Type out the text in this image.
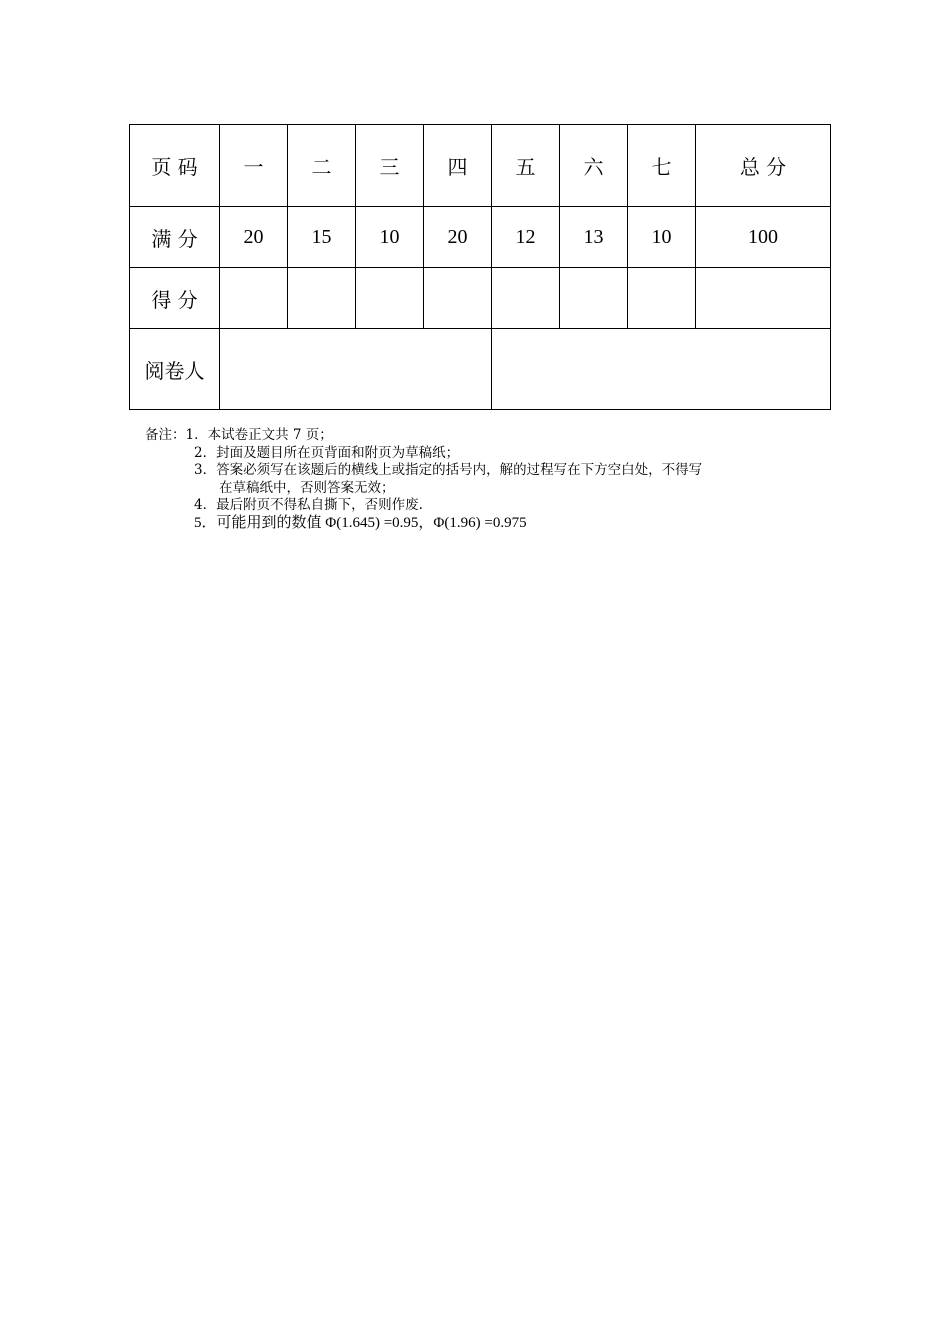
页 码	一	二	三	四	五	六	七	总 分
满 分	20	15	10	20	12	13	10	100
得 分								
阅卷人								
备注：1．本试卷正文共 7 页；
2．封面及题目所在页背面和附页为草稿纸；
3．答案必须写在该题后的横线上或指定的括号内，解的过程写在下方空白处，不得写
在草稿纸中，否则答案无效；
4．最后附页不得私自撕下，否则作废.
5．可能用到的数值 Φ(1.645) =0.95，Φ(1.96) =0.975
